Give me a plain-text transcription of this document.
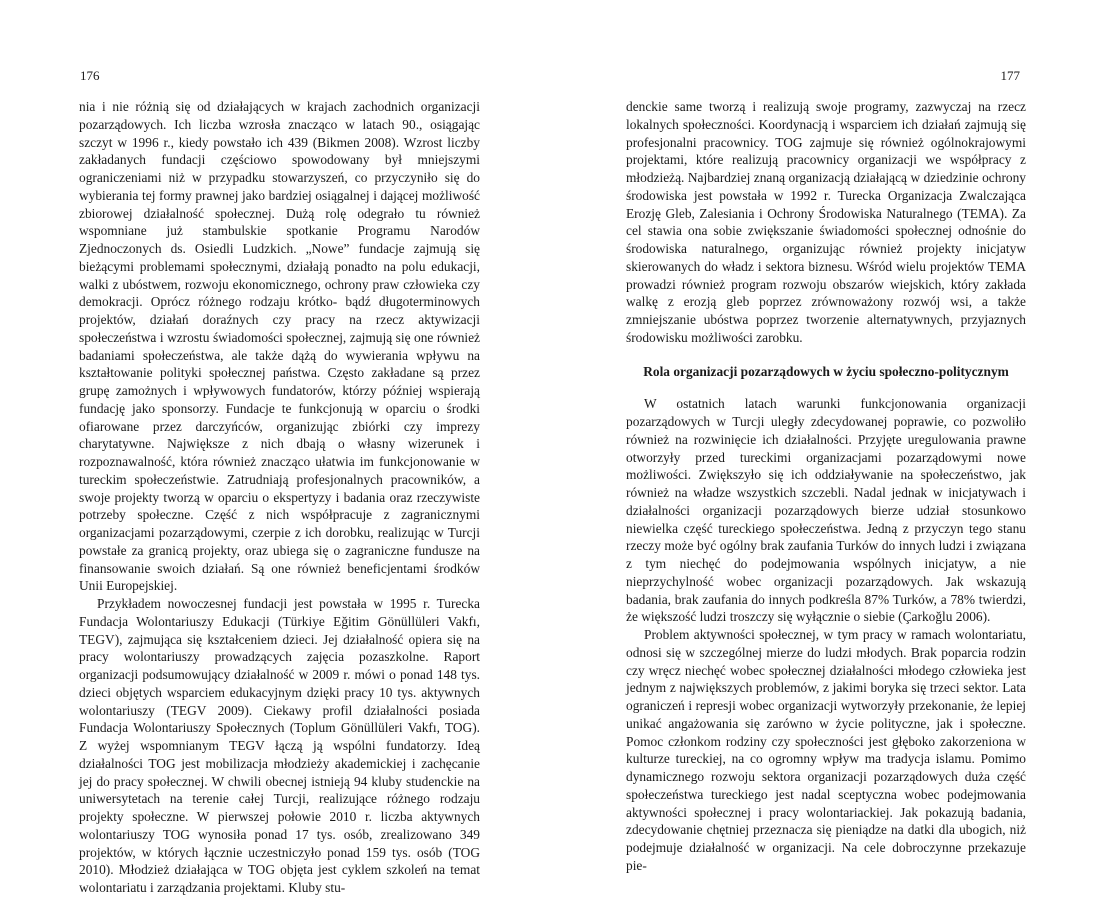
176

nia i nie różnią się od działających w krajach zachodnich organizacji pozarządowych. Ich liczba wzrosła znacząco w latach 90., osiągając szczyt w 1996 r., kiedy powstało ich 439 (Bikmen 2008). Wzrost liczby zakładanych fundacji częściowo spowodowany był mniejszymi ograniczeniami niż w przypadku stowarzyszeń, co przyczyniło się do wybierania tej formy prawnej jako bardziej osiągalnej i dającej możliwość zbiorowej działalność społecznej. Dużą rolę odegrało tu również wspomniane już stambulskie spotkanie Programu Narodów Zjednoczonych ds. Osiedli Ludzkich. „Nowe” fundacje zajmują się bieżącymi problemami społecznymi, działają ponadto na polu edukacji, walki z ubóstwem, rozwoju ekonomicznego, ochrony praw człowieka czy demokracji. Oprócz różnego rodzaju krótko- bądź długoterminowych projektów, działań doraźnych czy pracy na rzecz aktywizacji społeczeństwa i wzrostu świadomości społecznej, zajmują się one również badaniami społeczeństwa, ale także dążą do wywierania wpływu na kształtowanie polityki społecznej państwa. Często zakładane są przez grupę zamożnych i wpływowych fundatorów, którzy później wspierają fundację jako sponsorzy. Fundacje te funkcjonują w oparciu o środki ofiarowane przez darczyńców, organizując zbiórki czy imprezy charytatywne. Największe z nich dbają o własny wizerunek i rozpoznawalność, która również znacząco ułatwia im funkcjonowanie w tureckim społeczeństwie. Zatrudniają profesjonalnych pracowników, a swoje projekty tworzą w oparciu o ekspertyzy i badania oraz rzeczywiste potrzeby społeczne. Część z nich współpracuje z zagranicznymi organizacjami pozarządowymi, czerpie z ich dorobku, realizując w Turcji powstałe za granicą projekty, oraz ubiega się o zagraniczne fundusze na finansowanie swoich działań. Są one również beneficjentami środków Unii Europejskiej.

Przykładem nowoczesnej fundacji jest powstała w 1995 r. Turecka Fundacja Wolontariuszy Edukacji (Türkiye Eğitim Gönüllüleri Vakfı, TEGV), zajmująca się kształceniem dzieci. Jej działalność opiera się na pracy wolontariuszy prowadzących zajęcia pozaszkolne. Raport organizacji podsumowujący działalność w 2009 r. mówi o ponad 148 tys. dzieci objętych wsparciem edukacyjnym dzięki pracy 10 tys. aktywnych wolontariuszy (TEGV 2009). Ciekawy profil działalności posiada Fundacja Wolontariuszy Społecznych (Toplum Gönüllüleri Vakfı, TOG). Z wyżej wspomnianym TEGV łączą ją wspólni fundatorzy. Ideą działalności TOG jest mobilizacja młodzieży akademickiej i zachęcanie jej do pracy społecznej. W chwili obecnej istnieją 94 kluby studenckie na uniwersytetach na terenie całej Turcji, realizujące różnego rodzaju projekty społeczne. W pierwszej połowie 2010 r. liczba aktywnych wolontariuszy TOG wynosiła ponad 17 tys. osób, zrealizowano 349 projektów, w których łącznie uczestniczyło ponad 159 tys. osób (TOG 2010). Młodzież działająca w TOG objęta jest cyklem szkoleń na temat wolontariatu i zarządzania projektami. Kluby stu-

177

denckie same tworzą i realizują swoje programy, zazwyczaj na rzecz lokalnych społeczności. Koordynacją i wsparciem ich działań zajmują się profesjonalni pracownicy. TOG zajmuje się również ogólnokrajowymi projektami, które realizują pracownicy organizacji we współpracy z młodzieżą. Najbardziej znaną organizacją działającą w dziedzinie ochrony środowiska jest powstała w 1992 r. Turecka Organizacja Zwalczająca Erozję Gleb, Zalesiania i Ochrony Środowiska Naturalnego (TEMA). Za cel stawia ona sobie zwiększanie świadomości społecznej odnośnie do środowiska naturalnego, organizując również projekty inicjatyw skierowanych do władz i sektora biznesu. Wśród wielu projektów TEMA prowadzi również program rozwoju obszarów wiejskich, który zakłada walkę z erozją gleb poprzez zrównoważony rozwój wsi, a także zmniejszanie ubóstwa poprzez tworzenie alternatywnych, przyjaznych środowisku możliwości zarobku.

Rola organizacji pozarządowych w życiu społeczno-politycznym

W ostatnich latach warunki funkcjonowania organizacji pozarządowych w Turcji uległy zdecydowanej poprawie, co pozwoliło również na rozwinięcie ich działalności. Przyjęte uregulowania prawne otworzyły przed tureckimi organizacjami pozarządowymi nowe możliwości. Zwiększyło się ich oddziaływanie na społeczeństwo, jak również na władze wszystkich szczebli. Nadal jednak w inicjatywach i działalności organizacji pozarządowych bierze udział stosunkowo niewielka część tureckiego społeczeństwa. Jedną z przyczyn tego stanu rzeczy może być ogólny brak zaufania Turków do innych ludzi i związana z tym niechęć do podejmowania wspólnych inicjatyw, a nie nieprzychylność wobec organizacji pozarządowych. Jak wskazują badania, brak zaufania do innych podkreśla 87% Turków, a 78% twierdzi, że większość ludzi troszczy się wyłącznie o siebie (Çarkoğlu 2006).

Problem aktywności społecznej, w tym pracy w ramach wolontariatu, odnosi się w szczególnej mierze do ludzi młodych. Brak poparcia rodzin czy wręcz niechęć wobec społecznej działalności młodego człowieka jest jednym z największych problemów, z jakimi boryka się trzeci sektor. Lata ograniczeń i represji wobec organizacji wytworzyły przekonanie, że lepiej unikać angażowania się zarówno w życie polityczne, jak i społeczne. Pomoc członkom rodziny czy społeczności jest głęboko zakorzeniona w kulturze tureckiej, na co ogromny wpływ ma tradycja islamu. Pomimo dynamicznego rozwoju sektora organizacji pozarządowych duża część społeczeństwa tureckiego jest nadal sceptyczna wobec podejmowania aktywności społecznej i pracy wolontariackiej. Jak pokazują badania, zdecydowanie chętniej przeznacza się pieniądze na datki dla ubogich, niż podejmuje działalność w organizacji. Na cele dobroczynne przekazuje pie-
